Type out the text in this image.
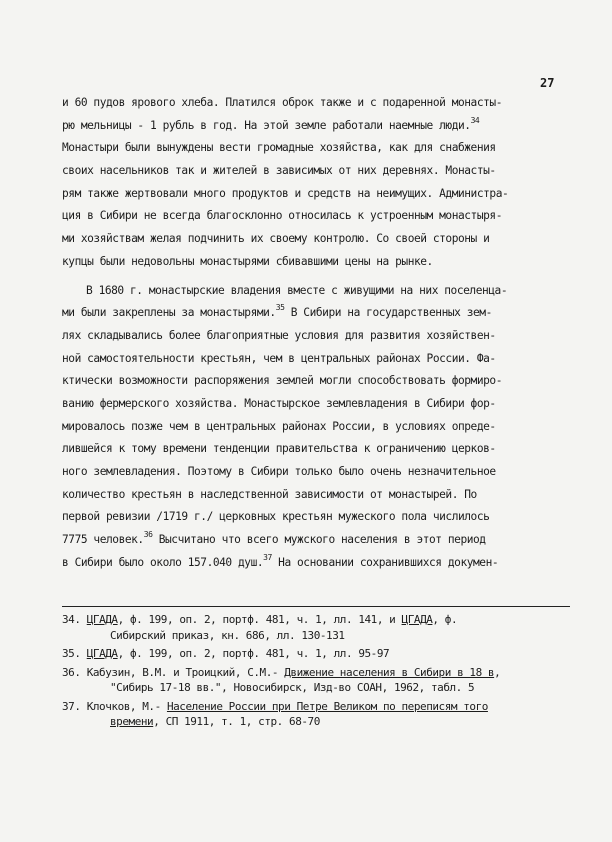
27
и 60 пудов ярового хлеба. Платился оброк также и с подаренной монасты-
рю мельницы - 1 рубль в год. На этой земле работали наемные люди.$^{34}$
Монастыри были вынуждены вести громадные хозяйства, как для снабжения
своих насельников так и жителей в зависимых от них деревнях. Монасты-
рям также жертвовали много продуктов и средств на неимущих. Администра-
ция в Сибири не всегда благосклонно относилась к устроенным монастыря-
ми хозяйствам желая подчинить их своему контролю. Со своей стороны и
купцы были недовольны монастырями сбивавшими цены на рынке.
В 1680 г. монастырские владения вместе с живущими на них поселенца-
ми были закреплены за монастырями.$^{35}$ В Сибири на государственных зем-
лях складывались более благоприятные условия для развития хозяйствен-
ной самостоятельности крестьян, чем в центральных районах России. Фа-
ктически возможности распоряжения землей могли способствовать формиро-
ванию фермерского хозяйства. Монастырское землевладения в Сибири фор-
мировалось позже чем в центральных районах России, в условиях опреде-
лившейся к тому времени тенденции правительства к ограничению церков-
ного землевладения. Поэтому в Сибири только было очень незначительное
количество крестьян в наследственной зависимости от монастырей. По
первой ревизии /1719 г./ церковных крестьян мужеского пола числилось
7775 человек.$^{36}$ Высчитано что всего мужского населения в этот период
в Сибири было около 157.040 душ.$^{37}$ На основании сохранившихся докумен-
34. ЦГАДА, ф. 199, оп. 2, портф. 481, ч. 1, лл. 141, и ЦГАДА, ф.
Сибирский приказ, кн. 686, лл. 130-131
35. ЦГАДА, ф. 199, оп. 2, портф. 481, ч. 1, лл. 95-97
36. Кабузин, В.М. и Троицкий, С.М.- Движение населения в Сибири в 18 в,
"Сибирь 17-18 вв.", Новосибирск, Изд-во СОАН, 1962, табл. 5
37. Клочков, М.- Население России при Петре Великом по переписям того
времени, СП 1911, т. 1, стр. 68-70
